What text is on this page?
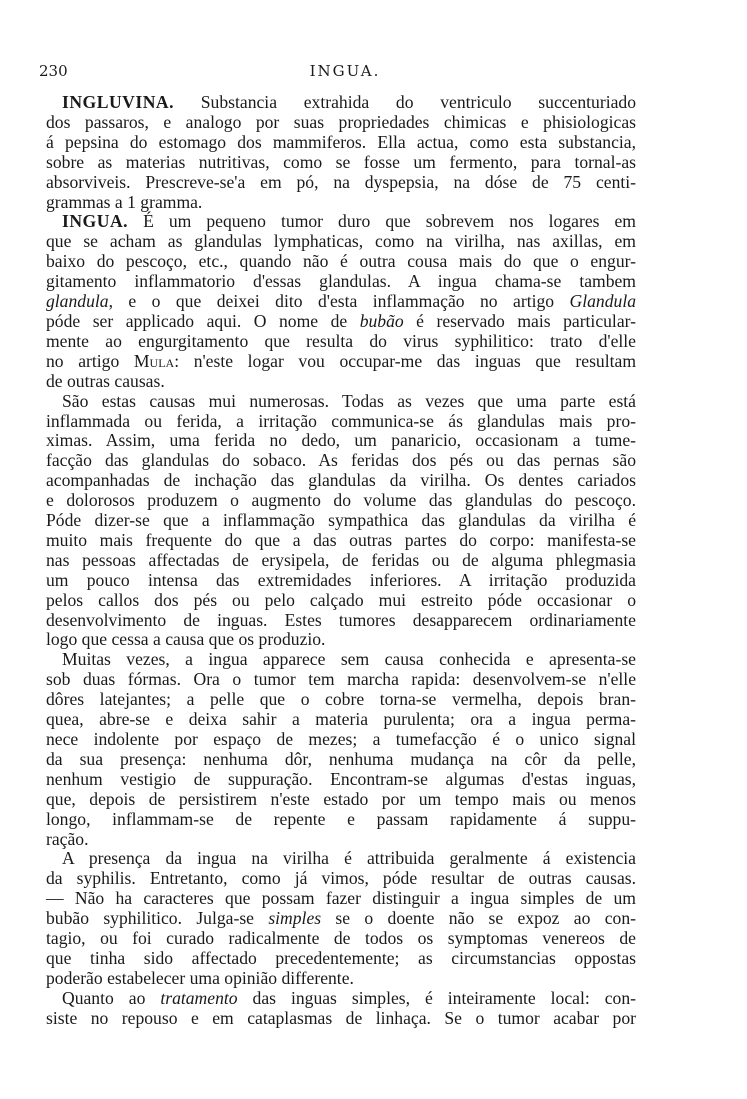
230	INGUA.
INGLUVINA. Substancia extrahida do ventriculo succenturiado
dos passaros, e analogo por suas propriedades chimicas e phisiologicas
á pepsina do estomago dos mammiferos. Ella actua, como esta substancia,
sobre as materias nutritivas, como se fosse um fermento, para tornal-as
absorviveis. Prescreve-se'a em pó, na dyspepsia, na dóse de 75 centi-
grammas a 1 gramma.
INGUA. É um pequeno tumor duro que sobrevem nos logares em
que se acham as glandulas lymphaticas, como na virilha, nas axillas, em
baixo do pescoço, etc., quando não é outra cousa mais do que o engur-
gitamento inflammatorio d'essas glandulas. A ingua chama-se tambem
glandula, e o que deixei dito d'esta inflammação no artigo Glandula
póde ser applicado aqui. O nome de bubão é reservado mais particular-
mente ao engurgitamento que resulta do virus syphilitico: trato d'elle
no artigo Mula: n'este logar vou occupar-me das inguas que resultam
de outras causas.
São estas causas mui numerosas. Todas as vezes que uma parte está
inflammada ou ferida, a irritação communica-se ás glandulas mais pro-
ximas. Assim, uma ferida no dedo, um panaricio, occasionam a tume-
facção das glandulas do sobaco. As feridas dos pés ou das pernas são
acompanhadas de inchação das glandulas da virilha. Os dentes cariados
e dolorosos produzem o augmento do volume das glandulas do pescoço.
Póde dizer-se que a inflammação sympathica das glandulas da virilha é
muito mais frequente do que a das outras partes do corpo: manifesta-se
nas pessoas affectadas de erysipela, de feridas ou de alguma phlegmasia
um pouco intensa das extremidades inferiores. A irritação produzida
pelos callos dos pés ou pelo calçado mui estreito póde occasionar o
desenvolvimento de inguas. Estes tumores desapparecem ordinariamente
logo que cessa a causa que os produzio.
Muitas vezes, a ingua apparece sem causa conhecida e apresenta-se
sob duas fórmas. Ora o tumor tem marcha rapida: desenvolvem-se n'elle
dôres latejantes; a pelle que o cobre torna-se vermelha, depois bran-
quea, abre-se e deixa sahir a materia purulenta; ora a ingua perma-
nece indolente por espaço de mezes; a tumefacção é o unico signal
da sua presença: nenhuma dôr, nenhuma mudança na côr da pelle,
nenhum vestigio de suppuração. Encontram-se algumas d'estas inguas,
que, depois de persistirem n'este estado por um tempo mais ou menos
longo, inflammam-se de repente e passam rapidamente á suppu-
ração.
A presença da ingua na virilha é attribuida geralmente á existencia
da syphilis. Entretanto, como já vimos, póde resultar de outras causas.
— Não ha caracteres que possam fazer distinguir a ingua simples de um
bubão syphilitico. Julga-se simples se o doente não se expoz ao con-
tagio, ou foi curado radicalmente de todos os symptomas venereos de
que tinha sido affectado precedentemente; as circumstancias oppostas
poderão estabelecer uma opinião differente.
Quanto ao tratamento das inguas simples, é inteiramente local: con-
siste no repouso e em cataplasmas de linhaça. Se o tumor acabar por
